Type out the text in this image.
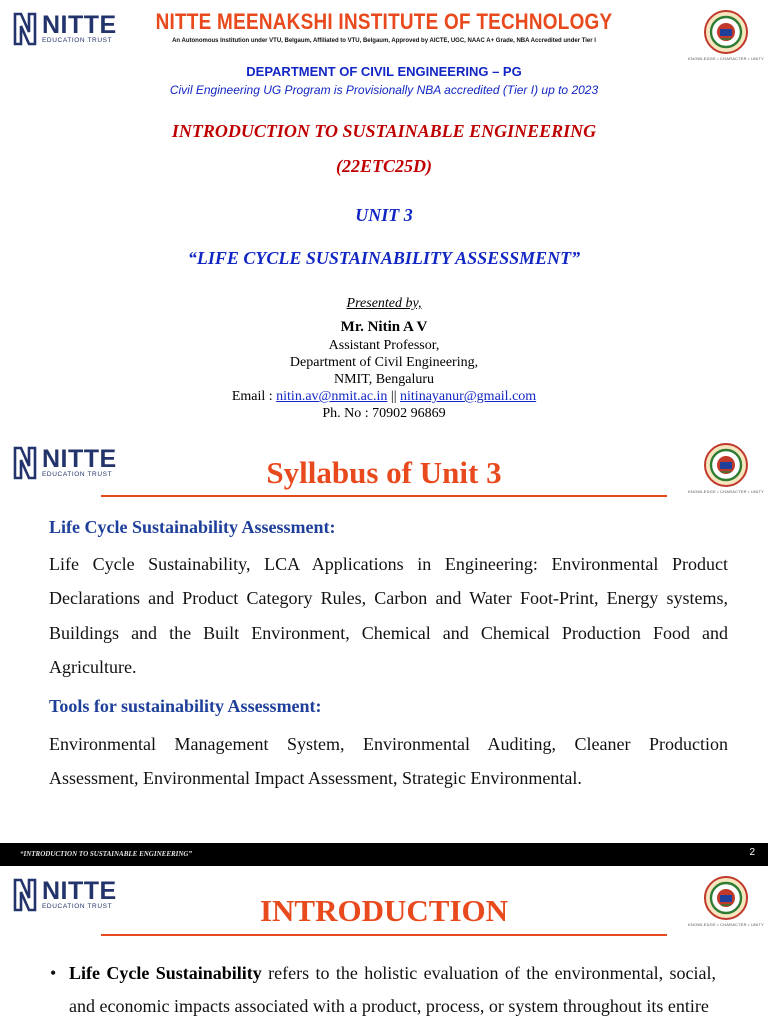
NITTE
EDUCATION TRUST
NITTE MEENAKSHI INSTITUTE OF TECHNOLOGY
An Autonomous Institution under VTU, Belgaum, Affiliated to VTU, Belgaum, Approved by AICTE, UGC, NAAC A+ Grade, NBA Accredited under Tier I
KNOWLEDGE • CHARACTER • UNITY
DEPARTMENT OF CIVIL ENGINEERING – PG
Civil Engineering UG Program is Provisionally NBA accredited (Tier I) up to 2023
INTRODUCTION TO SUSTAINABLE ENGINEERING
(22ETC25D)
UNIT 3
“LIFE CYCLE SUSTAINABILITY ASSESSMENT”
Presented by,
Mr. Nitin A V
Assistant Professor,
Department of Civil Engineering,
NMIT, Bengaluru
Email : nitin.av@nmit.ac.in || nitinayanur@gmail.com
Ph. No : 70902 96869
NITTE
EDUCATION TRUST
KNOWLEDGE • CHARACTER • UNITY
Syllabus of Unit 3
Life Cycle Sustainability Assessment:
Life Cycle Sustainability, LCA Applications in Engineering: Environmental Product Declarations and Product Category Rules, Carbon and Water Foot-Print, Energy systems, Buildings and the Built Environment, Chemical and Chemical Production Food and Agriculture.
Tools for sustainability Assessment:
Environmental Management System, Environmental Auditing, Cleaner Production Assessment, Environmental Impact Assessment, Strategic Environmental.
“INTRODUCTION TO SUSTAINABLE ENGINEERING”	2
NITTE
EDUCATION TRUST
KNOWLEDGE • CHARACTER • UNITY
INTRODUCTION
• Life Cycle Sustainability refers to the holistic evaluation of the environmental, social, and economic impacts associated with a product, process, or system throughout its entire
